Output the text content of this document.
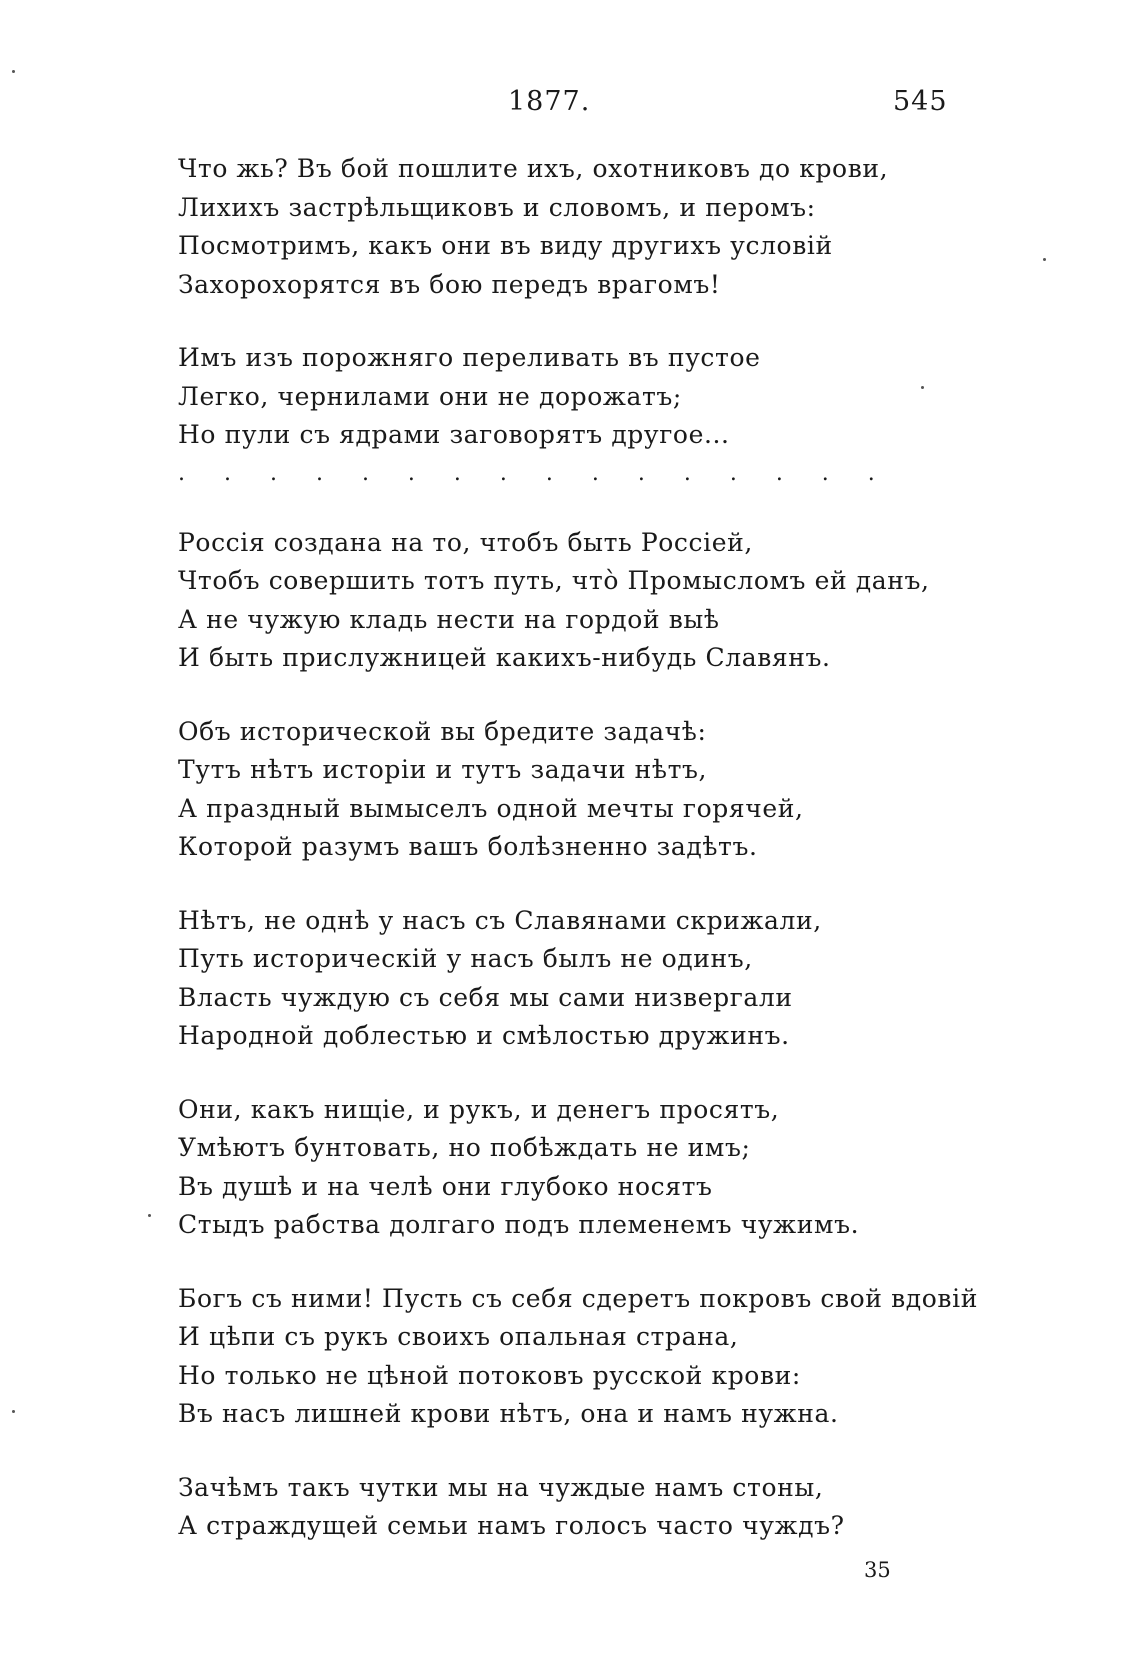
1877.	545
Что жь? Въ бой пошлите ихъ, охотниковъ до крови,
Лихихъ застрѣльщиковъ и словомъ, и перомъ:
Посмотримъ, какъ они въ виду другихъ условій
Захорохорятся въ бою передъ врагомъ!
Имъ изъ порожняго переливать въ пустое
Легко, чернилами они не дорожатъ;
Но пули съ ядрами заговорятъ другое...
. . . . . . . . . . . . . . . .
Россія создана на то, чтобъ быть Россіей,
Чтобъ совершить тотъ путь, что̀ Промысломъ ей данъ,
А не чужую кладь нести на гордой выѣ
И быть прислужницей какихъ-нибудь Славянъ.
Объ исторической вы бредите задачѣ:
Тутъ нѣтъ исторіи и тутъ задачи нѣтъ,
А праздный вымыселъ одной мечты горячей,
Которой разумъ вашъ болѣзненно задѣтъ.
Нѣтъ, не однѣ у насъ съ Славянами скрижали,
Путь историческій у насъ былъ не одинъ,
Власть чуждую съ себя мы сами низвергали
Народной доблестью и смѣлостью дружинъ.
Они, какъ нищіе, и рукъ, и денегъ просятъ,
Умѣютъ бунтовать, но побѣждать не имъ;
Въ душѣ и на челѣ они глубоко носятъ
Стыдъ рабства долгаго подъ племенемъ чужимъ.
Богъ съ ними! Пусть съ себя сдеретъ покровъ свой вдовій
И цѣпи съ рукъ своихъ опальная страна,
Но только не цѣной потоковъ русской крови:
Въ насъ лишней крови нѣтъ, она и намъ нужна.
Зачѣмъ такъ чутки мы на чуждые намъ стоны,
А страждущей семьи намъ голосъ часто чуждъ?
35
